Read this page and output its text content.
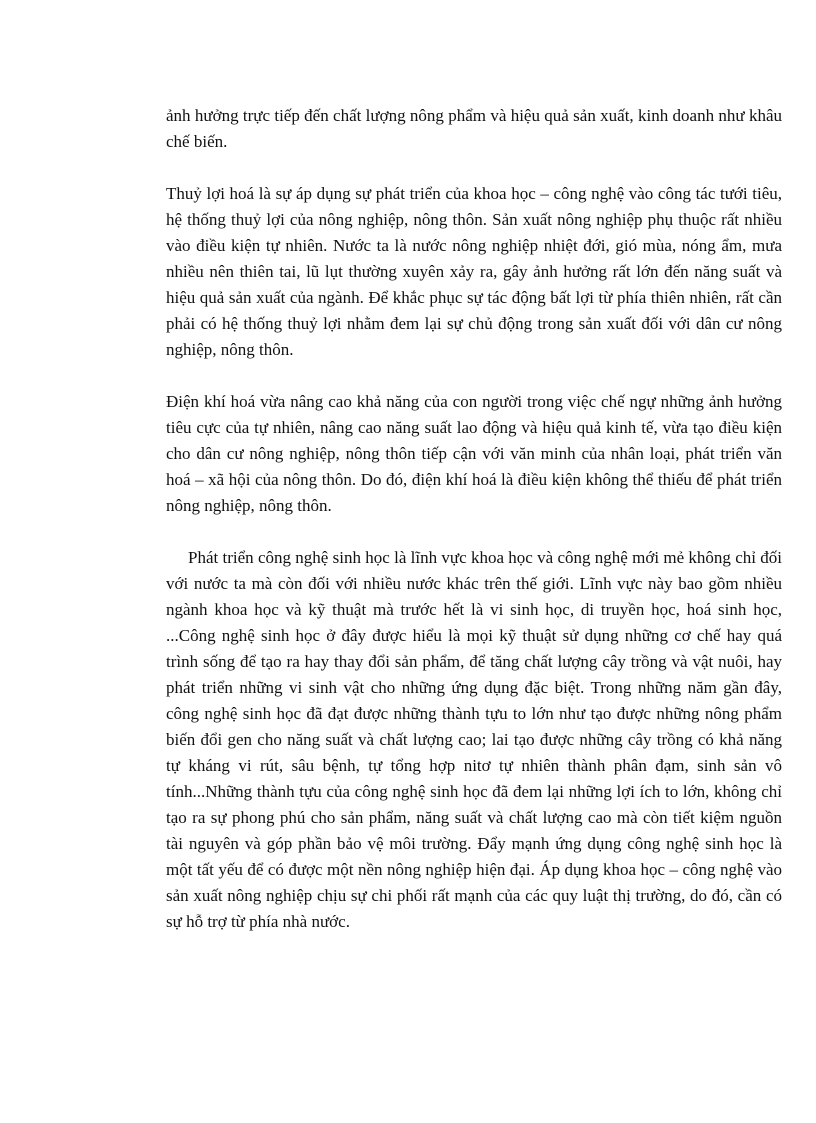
ảnh hưởng trực tiếp đến chất lượng nông phẩm và hiệu quả sản xuất, kinh doanh như khâu chế biến.

Thuỷ lợi hoá là sự áp dụng sự phát triển của khoa học – công nghệ vào công tác tưới tiêu, hệ thống thuỷ lợi của nông nghiệp, nông thôn. Sản xuất nông nghiệp phụ thuộc rất nhiều vào điều kiện tự nhiên. Nước ta là nước nông nghiệp nhiệt đới, gió mùa, nóng ẩm, mưa nhiều nên thiên tai, lũ lụt thường xuyên xảy ra, gây ảnh hưởng rất lớn đến năng suất và hiệu quả sản xuất của ngành. Để khắc phục sự tác động bất lợi từ phía thiên nhiên, rất cần phải có hệ thống thuỷ lợi nhằm đem lại sự chủ động trong sản xuất đối với dân cư nông nghiệp, nông thôn.

Điện khí hoá vừa nâng cao khả năng của con người trong việc chế ngự những ảnh hưởng tiêu cực của tự nhiên, nâng cao năng suất lao động và hiệu quả kinh tế, vừa tạo điều kiện cho dân cư nông nghiệp, nông thôn tiếp cận với văn minh của nhân loại, phát triển văn hoá – xã hội của nông thôn. Do đó, điện khí hoá là điều kiện không thể thiếu để phát triển nông nghiệp, nông thôn.

Phát triển công nghệ sinh học là lĩnh vực khoa học và công nghệ mới mẻ không chỉ đối với nước ta mà còn đối với nhiều nước khác trên thế giới. Lĩnh vực này bao gồm nhiều ngành khoa học và kỹ thuật mà trước hết là vi sinh học, di truyền học, hoá sinh học, ...Công nghệ sinh học ở đây được hiểu là mọi kỹ thuật sử dụng những cơ chế hay quá trình sống để tạo ra hay thay đổi sản phẩm, để tăng chất lượng cây trồng và vật nuôi, hay phát triển những vi sinh vật cho những ứng dụng đặc biệt. Trong những năm gần đây, công nghệ sinh học đã đạt được những thành tựu to lớn như tạo được những nông phẩm biến đổi gen cho năng suất và chất lượng cao; lai tạo được những cây trồng có khả năng tự kháng vi rút, sâu bệnh, tự tổng hợp nitơ tự nhiên thành phân đạm, sinh sản vô tính...Những thành tựu của công nghệ sinh học đã đem lại những lợi ích to lớn, không chỉ tạo ra sự phong phú cho sản phẩm, năng suất và chất lượng cao mà còn tiết kiệm nguồn tài nguyên và góp phần bảo vệ môi trường. Đẩy mạnh ứng dụng công nghệ sinh học là một tất yếu để có được một nền nông nghiệp hiện đại. Áp dụng khoa học – công nghệ vào sản xuất nông nghiệp chịu sự chi phối rất mạnh của các quy luật thị trường, do đó, cần có sự hỗ trợ từ phía nhà nước.
